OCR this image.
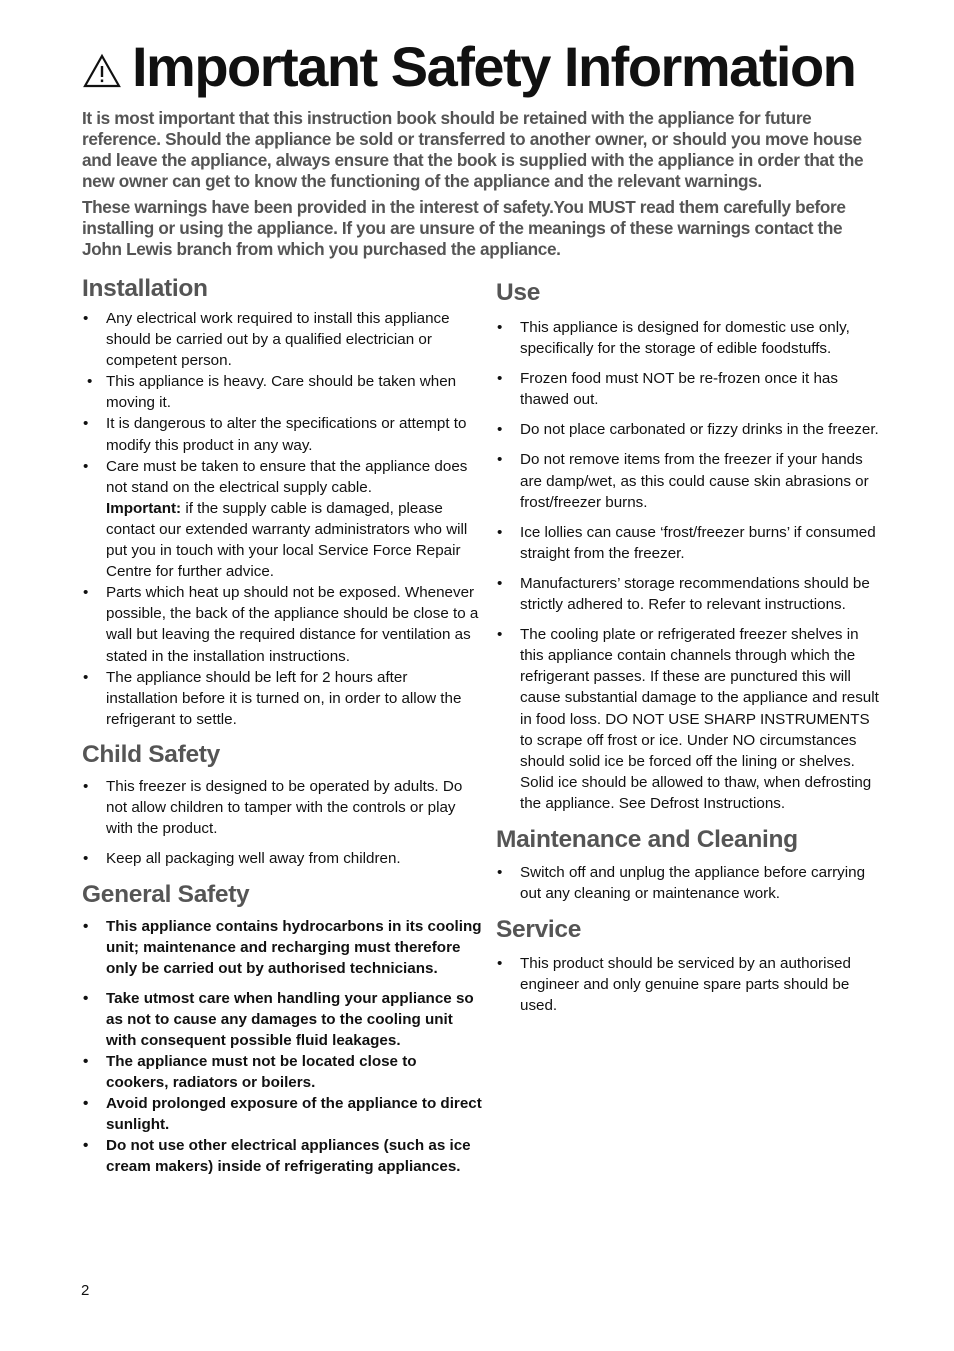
Important Safety Information

It is most important that this instruction book should be retained with the appliance for future reference. Should the appliance be sold or transferred to another owner, or should you move house and leave the appliance, always ensure that the book is supplied with the appliance in order that the new owner can get to know the functioning of the appliance and the relevant warnings.

These warnings have been provided in the interest of safety.You MUST read them carefully before installing or using the appliance. If you are unsure of the meanings of these warnings contact the John Lewis branch from which you purchased the appliance.

Installation
• Any electrical work required to install this appliance should be carried out by a qualified electrician or competent person.
• This appliance is heavy. Care should be taken when moving it.
• It is dangerous to alter the specifications or attempt to modify this product in any way.
• Care must be taken to ensure that the appliance does not stand on the electrical supply cable.
Important: if the supply cable is damaged, please contact our extended warranty administrators who will put you in touch with your local Service Force Repair Centre for further advice.
• Parts which heat up should not be exposed. Whenever possible, the back of the appliance should be close to a wall but leaving the required distance for ventilation as stated in the installation instructions.
• The appliance should be left for 2 hours after installation before it is turned on, in order to allow the refrigerant to settle.
Child Safety
• This freezer is designed to be operated by adults. Do not allow children to tamper with the controls or play with the product.
• Keep all packaging well away from children.
General Safety
• This appliance contains hydrocarbons in its cooling unit; maintenance and recharging must therefore only be carried out by authorised technicians.
• Take utmost care when handling your appliance so as not to cause any damages to the cooling unit with consequent possible fluid leakages.
• The appliance must not be located close to cookers, radiators or boilers.
• Avoid prolonged exposure of the appliance to direct sunlight.
• Do not use other electrical appliances (such as ice cream makers) inside of refrigerating appliances.
Use
• This appliance is designed for domestic use only, specifically for the storage of edible foodstuffs.
• Frozen food must NOT be re-frozen once it has thawed out.
• Do not place carbonated or fizzy drinks in the freezer.
• Do not remove items from the freezer if your hands are damp/wet, as this could cause skin abrasions or frost/freezer burns.
• Ice lollies can cause ‘frost/freezer burns’ if consumed straight from the freezer.
• Manufacturers’ storage recommendations should be strictly adhered to. Refer to relevant instructions.
• The cooling plate or refrigerated freezer shelves in this appliance contain channels through which the refrigerant passes. If these are punctured this will cause substantial damage to the appliance and result in food loss. DO NOT USE SHARP INSTRUMENTS to scrape off frost or ice. Under NO circumstances should solid ice be forced off the lining or shelves. Solid ice should be allowed to thaw, when defrosting the appliance. See Defrost Instructions.
Maintenance and Cleaning
• Switch off and unplug the appliance before carrying out any cleaning or maintenance work.
Service
• This product should be serviced by an authorised engineer and only genuine spare parts should be used.
2
